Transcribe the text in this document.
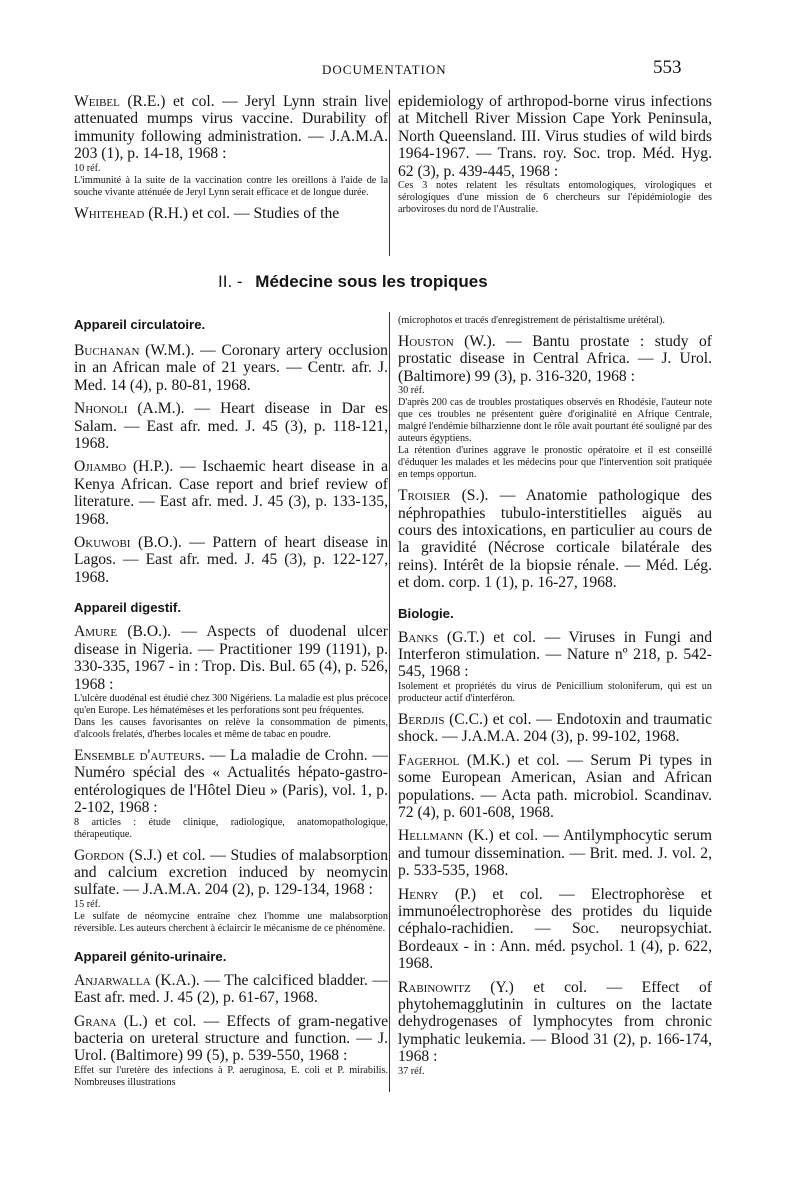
DOCUMENTATION	553

Weibel (R.E.) et col. — Jeryl Lynn strain live attenuated mumps virus vaccine. Durability of immunity following administration. — J.A.M.A. 203 (1), p. 14-18, 1968 :

10 réf.

L'immunité à la suite de la vaccination contre les oreillons à l'aide de la souche vivante atténuée de Jeryl Lynn serait efficace et de longue durée.

Whitehead (R.H.) et col. — Studies of the

epidemiology of arthropod-borne virus infections at Mitchell River Mission Cape York Peninsula, North Queensland. III. Virus studies of wild birds 1964-1967. — Trans. roy. Soc. trop. Méd. Hyg. 62 (3), p. 439-445, 1968 :

Ces 3 notes relatent les résultats entomologiques, virologiques et sérologiques d'une mission de 6 chercheurs sur l'épidémiologie des arboviroses du nord de l'Australie.

II. - Médecine sous les tropiques

Appareil circulatoire.

Buchanan (W.M.). — Coronary artery occlusion in an African male of 21 years. — Centr. afr. J. Med. 14 (4), p. 80-81, 1968.

Nhonoli (A.M.). — Heart disease in Dar es Salam. — East afr. med. J. 45 (3), p. 118-121, 1968.

Ojiambo (H.P.). — Ischaemic heart disease in a Kenya African. Case report and brief review of literature. — East afr. med. J. 45 (3), p. 133-135, 1968.

Okuwobi (B.O.). — Pattern of heart disease in Lagos. — East afr. med. J. 45 (3), p. 122-127, 1968.

Appareil digestif.

Amure (B.O.). — Aspects of duodenal ulcer disease in Nigeria. — Practitioner 199 (1191), p. 330-335, 1967 - in : Trop. Dis. Bul. 65 (4), p. 526, 1968 :

L'ulcère duodénal est étudié chez 300 Nigériens. La maladie est plus précoce qu'en Europe. Les hématémèses et les perforations sont peu fréquentes.

Dans les causes favorisantes on relève la consommation de piments, d'alcools frelatés, d'herbes locales et même de tabac en poudre.

Ensemble d'auteurs. — La maladie de Crohn. — Numéro spécial des « Actualités hépato-gastro-entérologiques de l'Hôtel Dieu » (Paris), vol. 1, p. 2-102, 1968 :

8 articles : étude clinique, radiologique, anatomopathologique, thérapeutique.

Gordon (S.J.) et col. — Studies of malabsorption and calcium excretion induced by neomycin sulfate. — J.A.M.A. 204 (2), p. 129-134, 1968 :

15 réf.

Le sulfate de néomycine entraîne chez l'homme une malabsorption réversible. Les auteurs cherchent à éclaircir le mécanisme de ce phénomène.

Appareil génito-urinaire.

Anjarwalla (K.A.). — The calcificed bladder. — East afr. med. J. 45 (2), p. 61-67, 1968.

Grana (L.) et col. — Effects of gram-negative bacteria on ureteral structure and function. — J. Urol. (Baltimore) 99 (5), p. 539-550, 1968 :

Effet sur l'uretère des infections à P. aeruginosa, E. coli et P. mirabilis. Nombreuses illustrations

(microphotos et tracés d'enregistrement de péristaltisme urétéral).

Houston (W.). — Bantu prostate : study of prostatic disease in Central Africa. — J. Urol. (Baltimore) 99 (3), p. 316-320, 1968 :

30 réf.

D'après 200 cas de troubles prostatiques observés en Rhodésie, l'auteur note que ces troubles ne présentent guère d'originalité en Afrique Centrale, malgré l'endémie bilharzienne dont le rôle avait pourtant été souligné par des auteurs égyptiens.

La rétention d'urines aggrave le pronostic opératoire et il est conseillé d'éduquer les malades et les médecins pour que l'intervention soit pratiquée en temps opportun.

Troisier (S.). — Anatomie pathologique des néphropathies tubulo-interstitielles aiguës au cours des intoxications, en particulier au cours de la gravidité (Nécrose corticale bilatérale des reins). Intérêt de la biopsie rénale. — Méd. Lég. et dom. corp. 1 (1), p. 16-27, 1968.

Biologie.

Banks (G.T.) et col. — Viruses in Fungi and Interferon stimulation. — Nature nº 218, p. 542-545, 1968 :

Isolement et propriétés du virus de Penicillium stoloniferum, qui est un producteur actif d'interféron.

Berdjis (C.C.) et col. — Endotoxin and traumatic shock. — J.A.M.A. 204 (3), p. 99-102, 1968.

Fagerhol (M.K.) et col. — Serum Pi types in some European American, Asian and African populations. — Acta path. microbiol. Scandinav. 72 (4), p. 601-608, 1968.

Hellmann (K.) et col. — Antilymphocytic serum and tumour dissemination. — Brit. med. J. vol. 2, p. 533-535, 1968.

Henry (P.) et col. — Electrophorèse et immunoélectrophorèse des protides du liquide céphalo-rachidien. — Soc. neuropsychiat. Bordeaux - in : Ann. méd. psychol. 1 (4), p. 622, 1968.

Rabinowitz (Y.) et col. — Effect of phytohemagglutinin in cultures on the lactate dehydrogenases of lymphocytes from chronic lymphatic leukemia. — Blood 31 (2), p. 166-174, 1968 :

37 réf.
